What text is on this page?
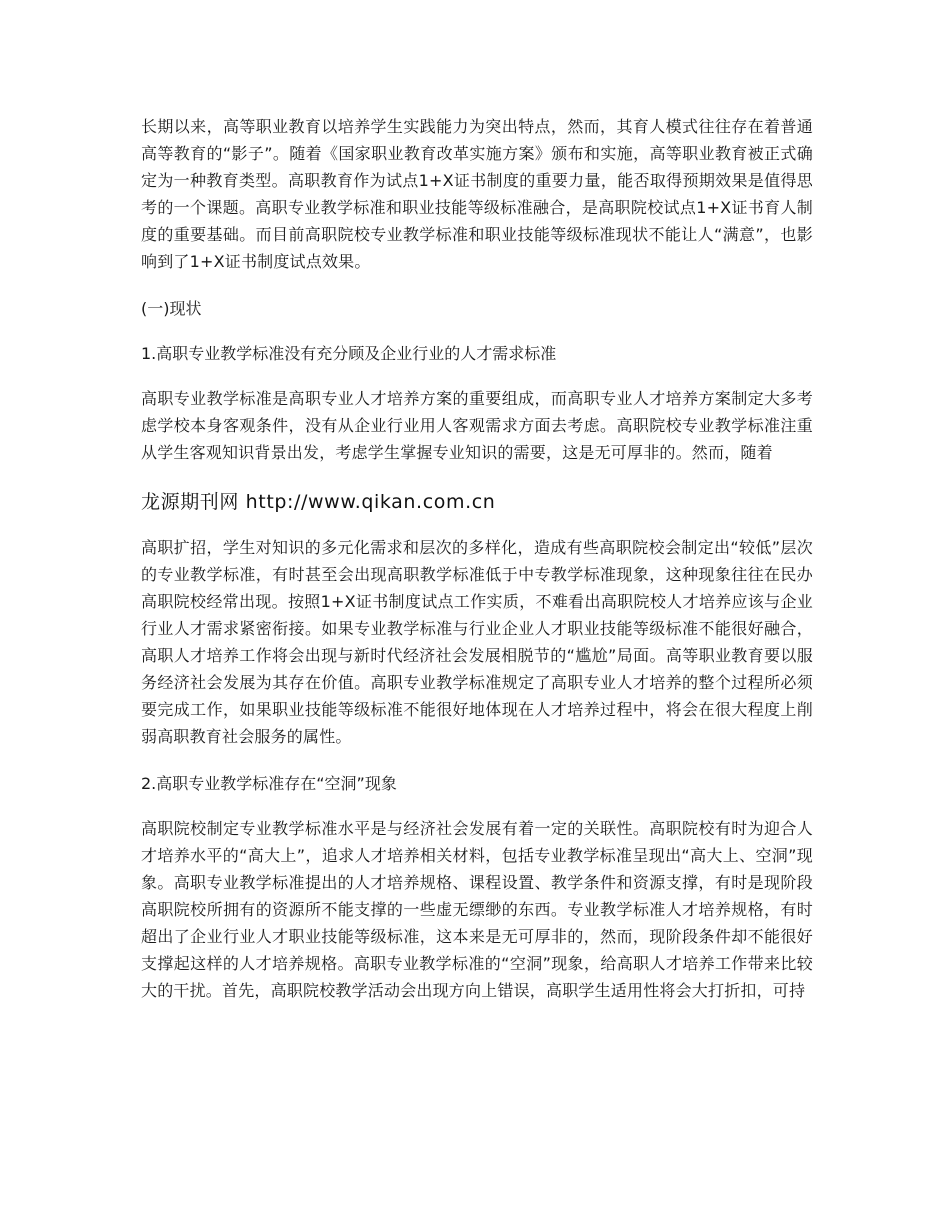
长期以来，高等职业教育以培养学生实践能力为突出特点，然而，其育人模式往往存在着普通高等教育的“影子”。随着《国家职业教育改革实施方案》颁布和实施，高等职业教育被正式确定为一种教育类型。高职教育作为试点1+X证书制度的重要力量，能否取得预期效果是值得思考的一个课题。高职专业教学标准和职业技能等级标准融合，是高职院校试点1+X证书育人制度的重要基础。而目前高职院校专业教学标准和职业技能等级标准现状不能让人“满意”，也影响到了1+X证书制度试点效果。

(一)现状

1.高职专业教学标准没有充分顾及企业行业的人才需求标准

高职专业教学标准是高职专业人才培养方案的重要组成，而高职专业人才培养方案制定大多考虑学校本身客观条件，没有从企业行业用人客观需求方面去考虑。高职院校专业教学标准注重从学生客观知识背景出发，考虑学生掌握专业知识的需要，这是无可厚非的。然而，随着

龙源期刊网 http://www.qikan.com.cn

高职扩招，学生对知识的多元化需求和层次的多样化，造成有些高职院校会制定出“较低”层次的专业教学标准，有时甚至会出现高职教学标准低于中专教学标准现象，这种现象往往在民办高职院校经常出现。按照1+X证书制度试点工作实质，不难看出高职院校人才培养应该与企业行业人才需求紧密衔接。如果专业教学标准与行业企业人才职业技能等级标准不能很好融合，高职人才培养工作将会出现与新时代经济社会发展相脱节的“尴尬”局面。高等职业教育要以服务经济社会发展为其存在价值。高职专业教学标准规定了高职专业人才培养的整个过程所必须要完成工作，如果职业技能等级标准不能很好地体现在人才培养过程中，将会在很大程度上削弱高职教育社会服务的属性。

2.高职专业教学标准存在“空洞”现象

高职院校制定专业教学标准水平是与经济社会发展有着一定的关联性。高职院校有时为迎合人才培养水平的“高大上”，追求人才培养相关材料，包括专业教学标准呈现出“高大上、空洞”现象。高职专业教学标准提出的人才培养规格、课程设置、教学条件和资源支撑，有时是现阶段高职院校所拥有的资源所不能支撑的一些虚无缥缈的东西。专业教学标准人才培养规格，有时超出了企业行业人才职业技能等级标准，这本来是无可厚非的，然而，现阶段条件却不能很好支撑起这样的人才培养规格。高职专业教学标准的“空洞”现象，给高职人才培养工作带来比较大的干扰。首先，高职院校教学活动会出现方向上错误，高职学生适用性将会大打折扣，可持
